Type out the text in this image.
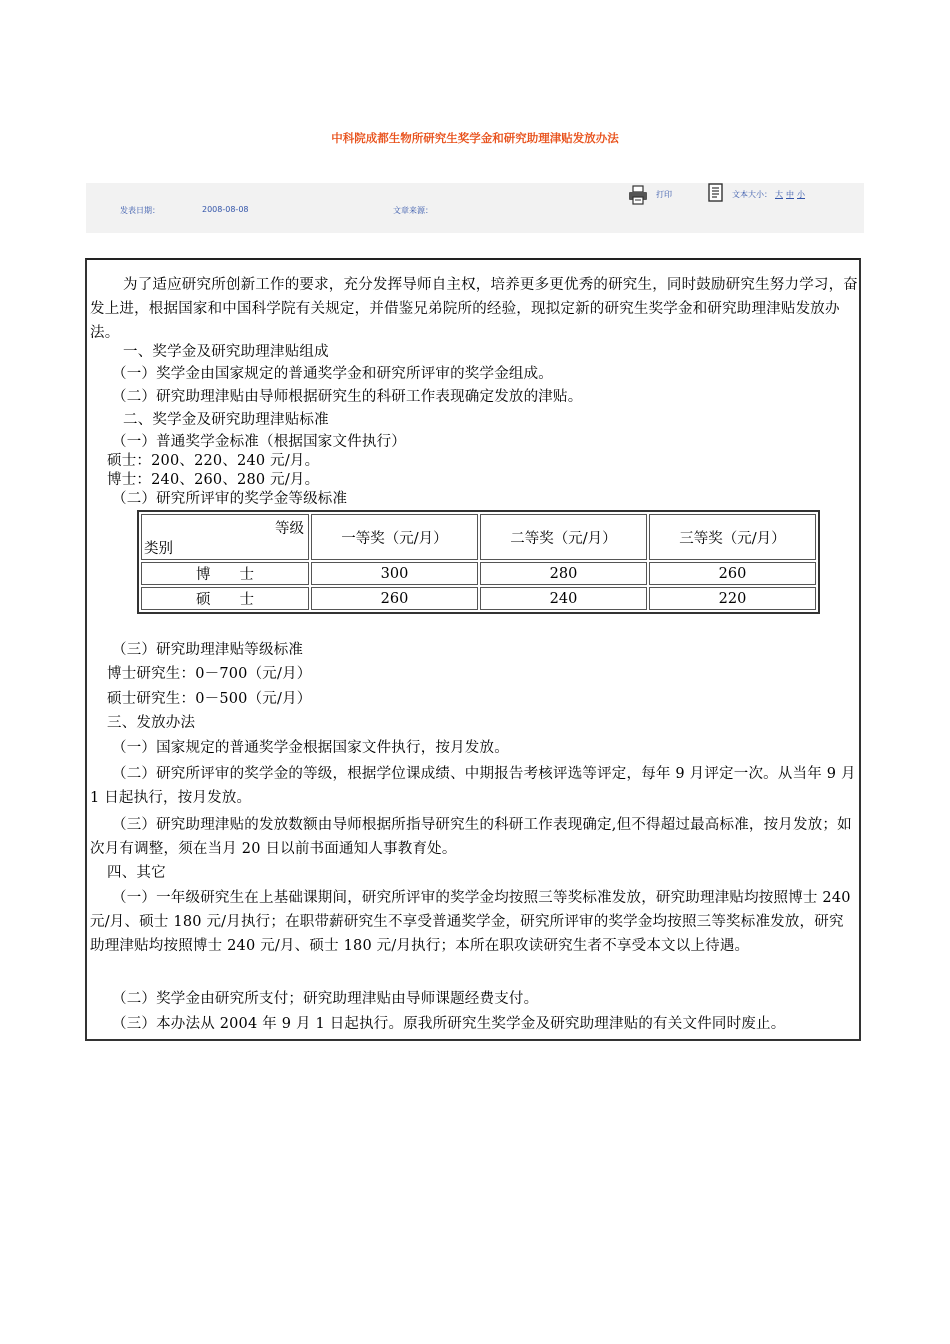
中科院成都生物所研究生奖学金和研究助理津贴发放办法
发表日期：	2008-08-08	文章来源：
打印	文本大小： 大 中 小
为了适应研究所创新工作的要求，充分发挥导师自主权，培养更多更优秀的研究生，同时鼓励研究生努力学习，奋发上进，根据国家和中国科学院有关规定，并借鉴兄弟院所的经验，现拟定新的研究生奖学金和研究助理津贴发放办法。
一、奖学金及研究助理津贴组成
（一）奖学金由国家规定的普通奖学金和研究所评审的奖学金组成。
（二）研究助理津贴由导师根据研究生的科研工作表现确定发放的津贴。
二、奖学金及研究助理津贴标准
（一）普通奖学金标准（根据国家文件执行）
硕士：200、220、240 元/月。
博士：240、260、280 元/月。
（二）研究所评审的奖学金等级标准
等级
类别	一等奖（元/月）	二等奖（元/月）	三等奖（元/月）
博　　士	300	280	260
硕　　士	260	240	220
（三）研究助理津贴等级标准
博士研究生：0－700（元/月）
硕士研究生：0－500（元/月）
三、发放办法
（一）国家规定的普通奖学金根据国家文件执行，按月发放。
（二）研究所评审的奖学金的等级，根据学位课成绩、中期报告考核评选等评定，每年 9 月评定一次。从当年 9 月 1 日起执行，按月发放。
（三）研究助理津贴的发放数额由导师根据所指导研究生的科研工作表现确定,但不得超过最高标准，按月发放；如次月有调整，须在当月 20 日以前书面通知人事教育处。
四、其它
（一）一年级研究生在上基础课期间，研究所评审的奖学金均按照三等奖标准发放，研究助理津贴均按照博士 240 元/月、硕士 180 元/月执行；在职带薪研究生不享受普通奖学金，研究所评审的奖学金均按照三等奖标准发放，研究助理津贴均按照博士 240 元/月、硕士 180 元/月执行；本所在职攻读研究生者不享受本文以上待遇。
（二）奖学金由研究所支付；研究助理津贴由导师课题经费支付。
（三）本办法从 2004 年 9 月 1 日起执行。原我所研究生奖学金及研究助理津贴的有关文件同时废止。
